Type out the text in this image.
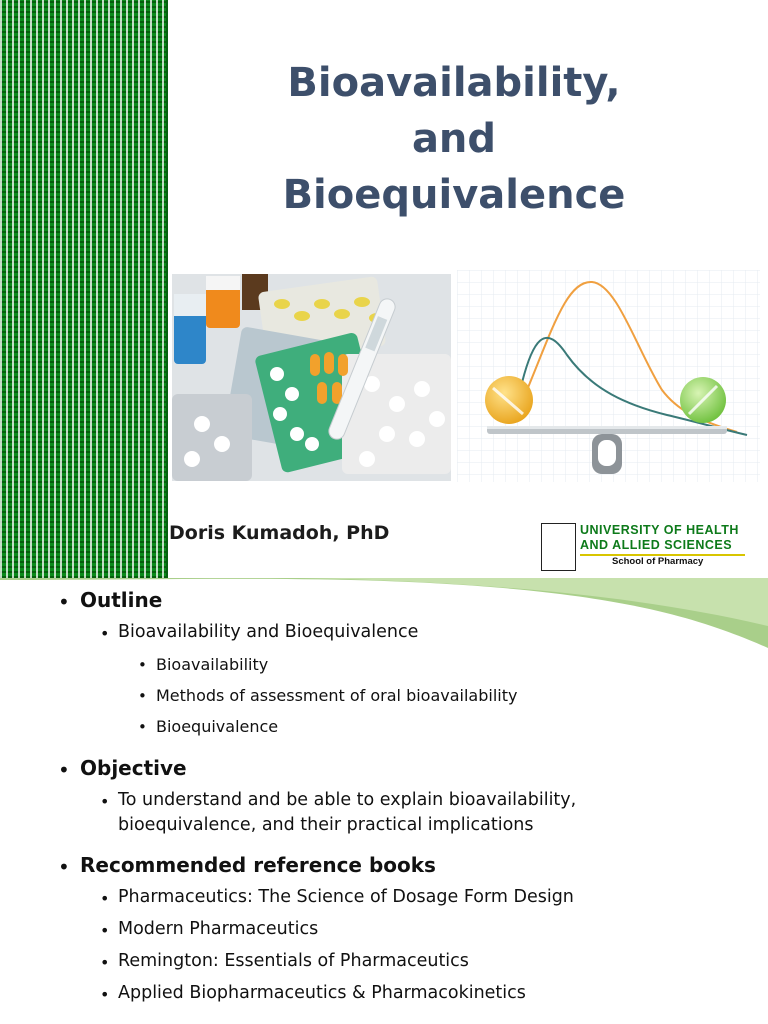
Bioavailability,
and
Bioequivalence
Doris Kumadoh, PhD	UNIVERSITY OF HEALTH
AND ALLIED SCIENCES
School of Pharmacy
• Outline
• Bioavailability and Bioequivalence
• Bioavailability
• Methods of assessment of oral bioavailability
• Bioequivalence
• Objective
• To understand and be able to explain bioavailability,
bioequivalence, and their practical implications
• Recommended reference books
• Pharmaceutics: The Science of Dosage Form Design
• Modern Pharmaceutics
• Remington: Essentials of Pharmaceutics
• Applied Biopharmaceutics & Pharmacokinetics
